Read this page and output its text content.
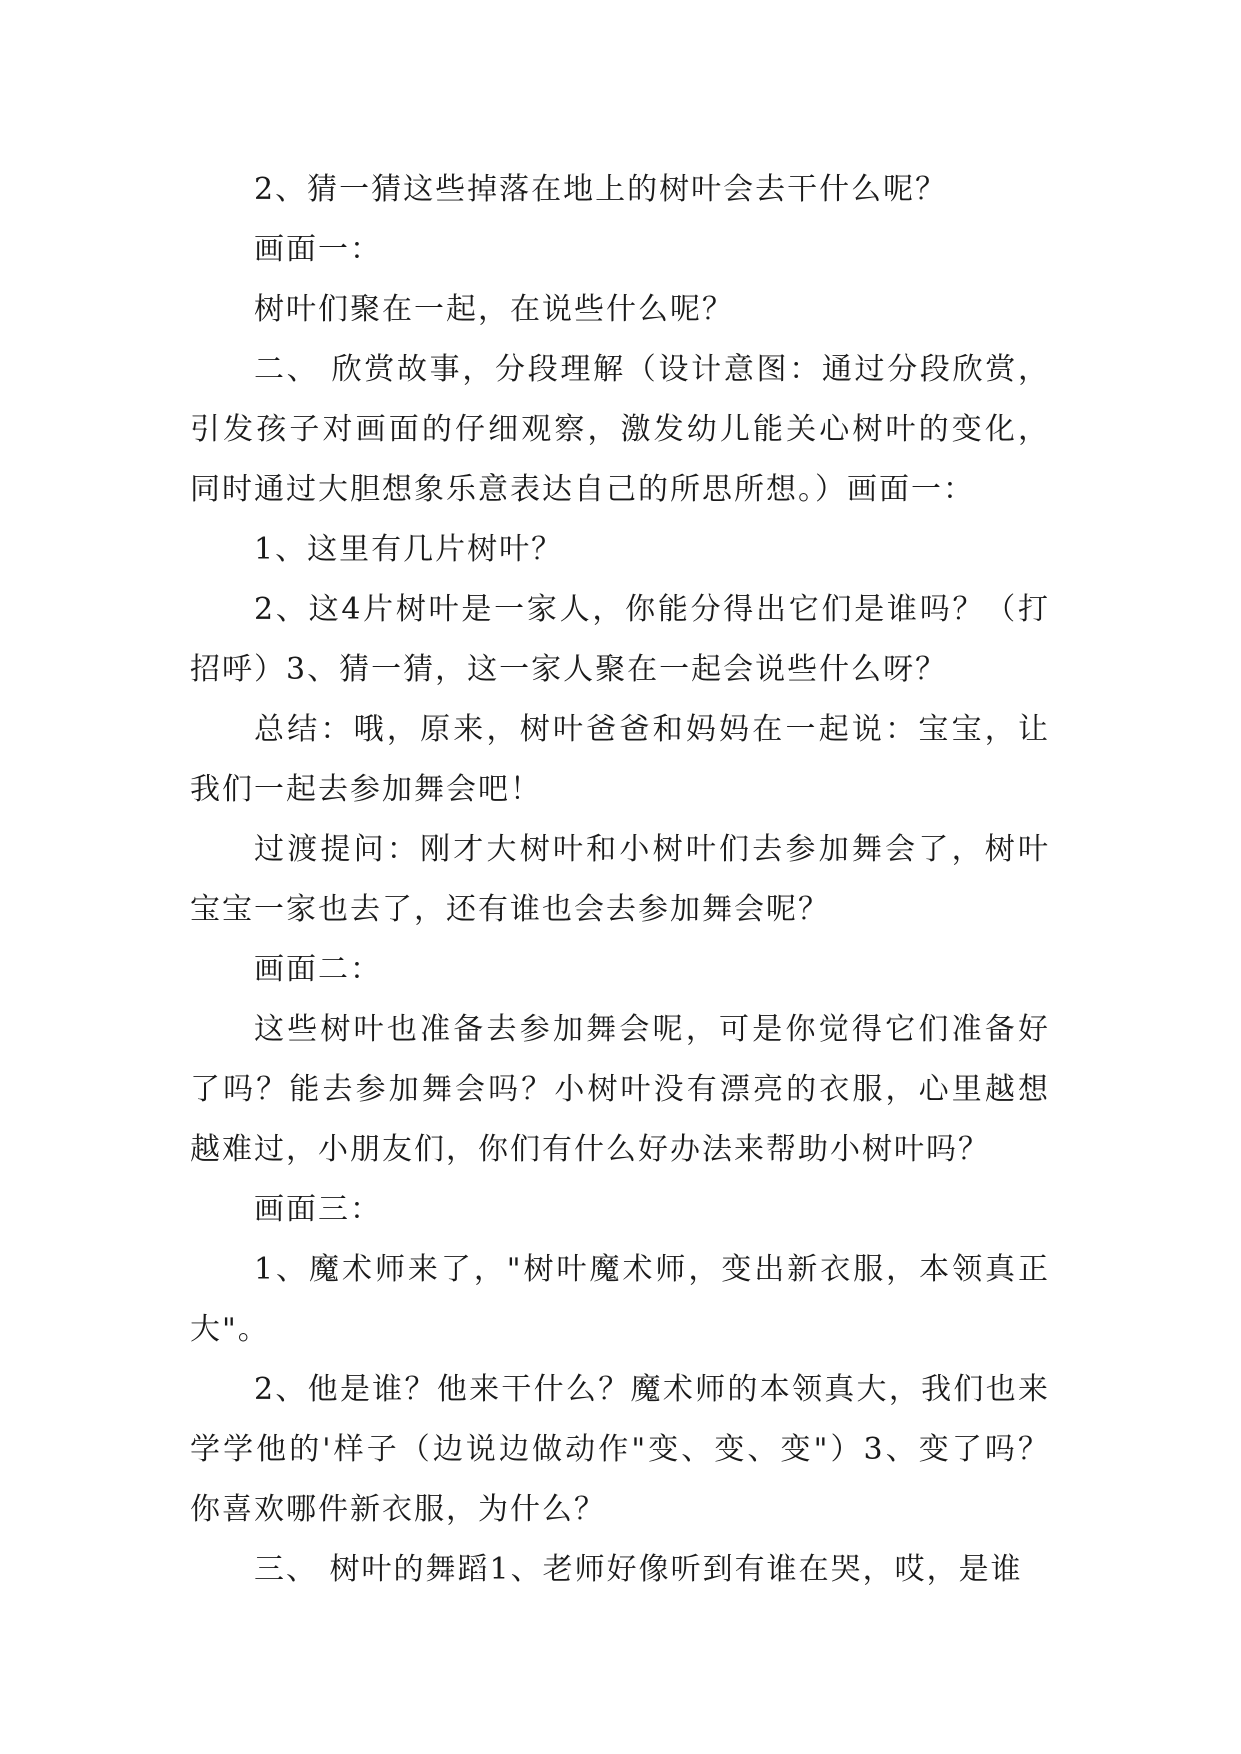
2、猜一猜这些掉落在地上的树叶会去干什么呢？

画面一：

树叶们聚在一起，在说些什么呢？

二、 欣赏故事，分段理解（设计意图：通过分段欣赏，引发孩子对画面的仔细观察，激发幼儿能关心树叶的变化，同时通过大胆想象乐意表达自己的所思所想。）画面一：

1、这里有几片树叶？

2、这4片树叶是一家人，你能分得出它们是谁吗？（打招呼）3、猜一猜，这一家人聚在一起会说些什么呀？

总结：哦，原来，树叶爸爸和妈妈在一起说：宝宝，让我们一起去参加舞会吧！

过渡提问：刚才大树叶和小树叶们去参加舞会了，树叶宝宝一家也去了，还有谁也会去参加舞会呢？

画面二：

这些树叶也准备去参加舞会呢，可是你觉得它们准备好了吗？能去参加舞会吗？小树叶没有漂亮的衣服，心里越想越难过，小朋友们，你们有什么好办法来帮助小树叶吗？

画面三：

1、魔术师来了，"树叶魔术师，变出新衣服，本领真正大"。

2、他是谁？他来干什么？魔术师的本领真大，我们也来学学他的'样子（边说边做动作"变、变、变"）3、变了吗？你喜欢哪件新衣服，为什么？

三、 树叶的舞蹈1、老师好像听到有谁在哭，哎，是谁
